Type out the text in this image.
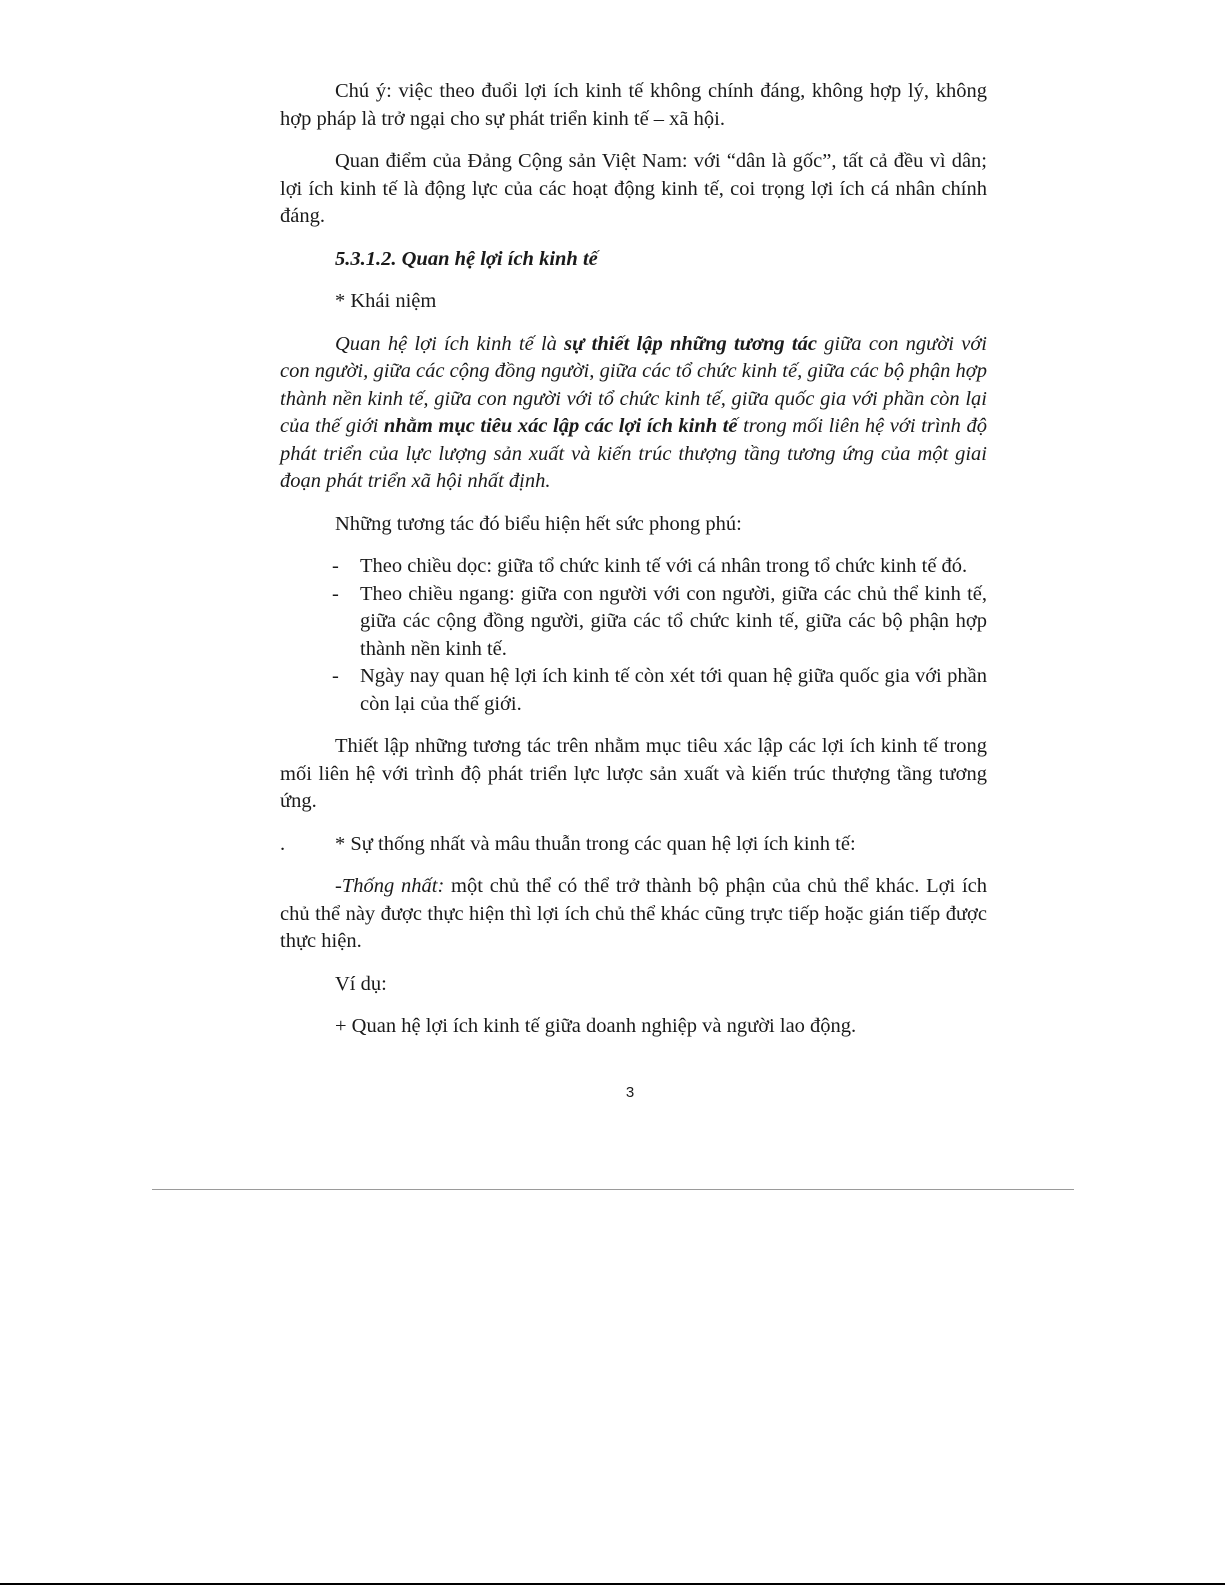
Chú ý: việc theo đuổi lợi ích kinh tế không chính đáng, không hợp lý, không hợp pháp là trở ngại cho sự phát triển kinh tế – xã hội.

Quan điểm của Đảng Cộng sản Việt Nam: với “dân là gốc”, tất cả đều vì dân; lợi ích kinh tế là động lực của các hoạt động kinh tế, coi trọng lợi ích cá nhân chính đáng.

5.3.1.2. Quan hệ lợi ích kinh tế

* Khái niệm

Quan hệ lợi ích kinh tế là sự thiết lập những tương tác giữa con người với con người, giữa các cộng đồng người, giữa các tổ chức kinh tế, giữa các bộ phận hợp thành nền kinh tế, giữa con người với tổ chức kinh tế, giữa quốc gia với phần còn lại của thế giới nhằm mục tiêu xác lập các lợi ích kinh tế trong mối liên hệ với trình độ phát triển của lực lượng sản xuất và kiến trúc thượng tầng tương ứng của một giai đoạn phát triển xã hội nhất định.

Những tương tác đó biểu hiện hết sức phong phú:

- Theo chiều dọc: giữa tổ chức kinh tế với cá nhân trong tổ chức kinh tế đó.
- Theo chiều ngang: giữa con người với con người, giữa các chủ thể kinh tế, giữa các cộng đồng người, giữa các tổ chức kinh tế, giữa các bộ phận hợp thành nền kinh tế.
- Ngày nay quan hệ lợi ích kinh tế còn xét tới quan hệ giữa quốc gia với phần còn lại của thế giới.

Thiết lập những tương tác trên nhằm mục tiêu xác lập các lợi ích kinh tế trong mối liên hệ với trình độ phát triển lực lược sản xuất và kiến trúc thượng tầng tương ứng.

. * Sự thống nhất và mâu thuẫn trong các quan hệ lợi ích kinh tế:

-Thống nhất: một chủ thể có thể trở thành bộ phận của chủ thể khác. Lợi ích chủ thể này được thực hiện thì lợi ích chủ thể khác cũng trực tiếp hoặc gián tiếp được thực hiện.

Ví dụ:

+ Quan hệ lợi ích kinh tế giữa doanh nghiệp và người lao động.

3
